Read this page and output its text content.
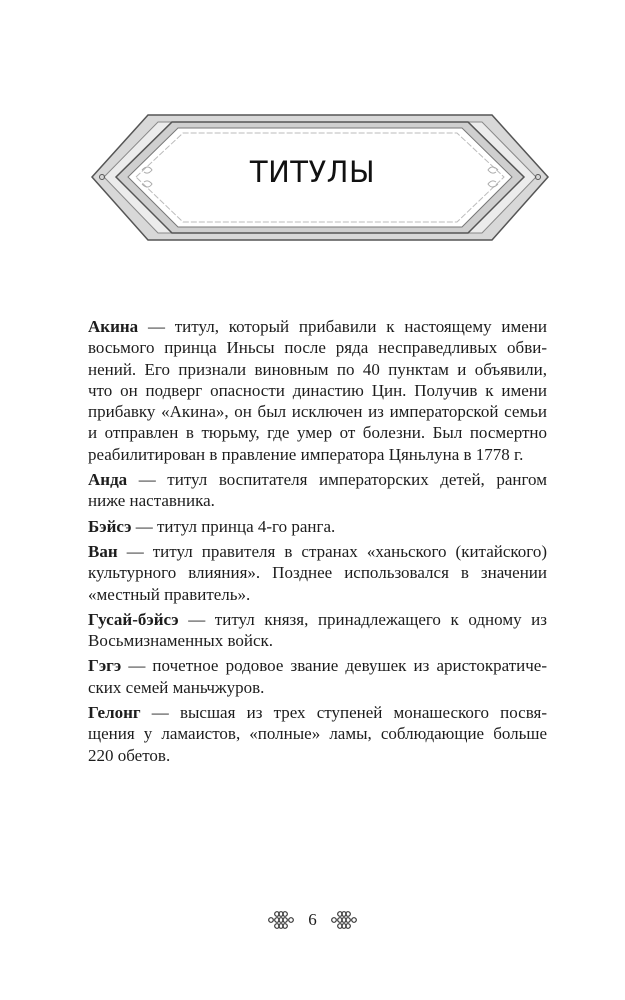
ТИТУЛЫ
Акина — титул, который прибавили к настоящему имени
восьмого принца Иньсы после ряда несправедливых обви-
нений. Его признали виновным по 40 пунктам и объявили,
что он подверг опасности династию Цин. Получив к имени
прибавку «Акина», он был исключен из императорской семьи
и отправлен в тюрьму, где умер от болезни. Был посмертно
реабилитирован в правление императора Цяньлуна в 1778 г.
Анда — титул воспитателя императорских детей, рангом
ниже наставника.
Бэйсэ — титул принца 4-го ранга.
Ван — титул правителя в странах «ханьского (китайского)
культурного влияния». Позднее использовался в значении
«местный правитель».
Гусай-бэйсэ — титул князя, принадлежащего к одному из
Восьмизнаменных войск.
Гэгэ — почетное родовое звание девушек из аристократиче-
ских семей маньчжуров.
Гелонг — высшая из трех ступеней монашеского посвя-
щения у ламаистов, «полные» ламы, соблюдающие больше
220 обетов.
6
